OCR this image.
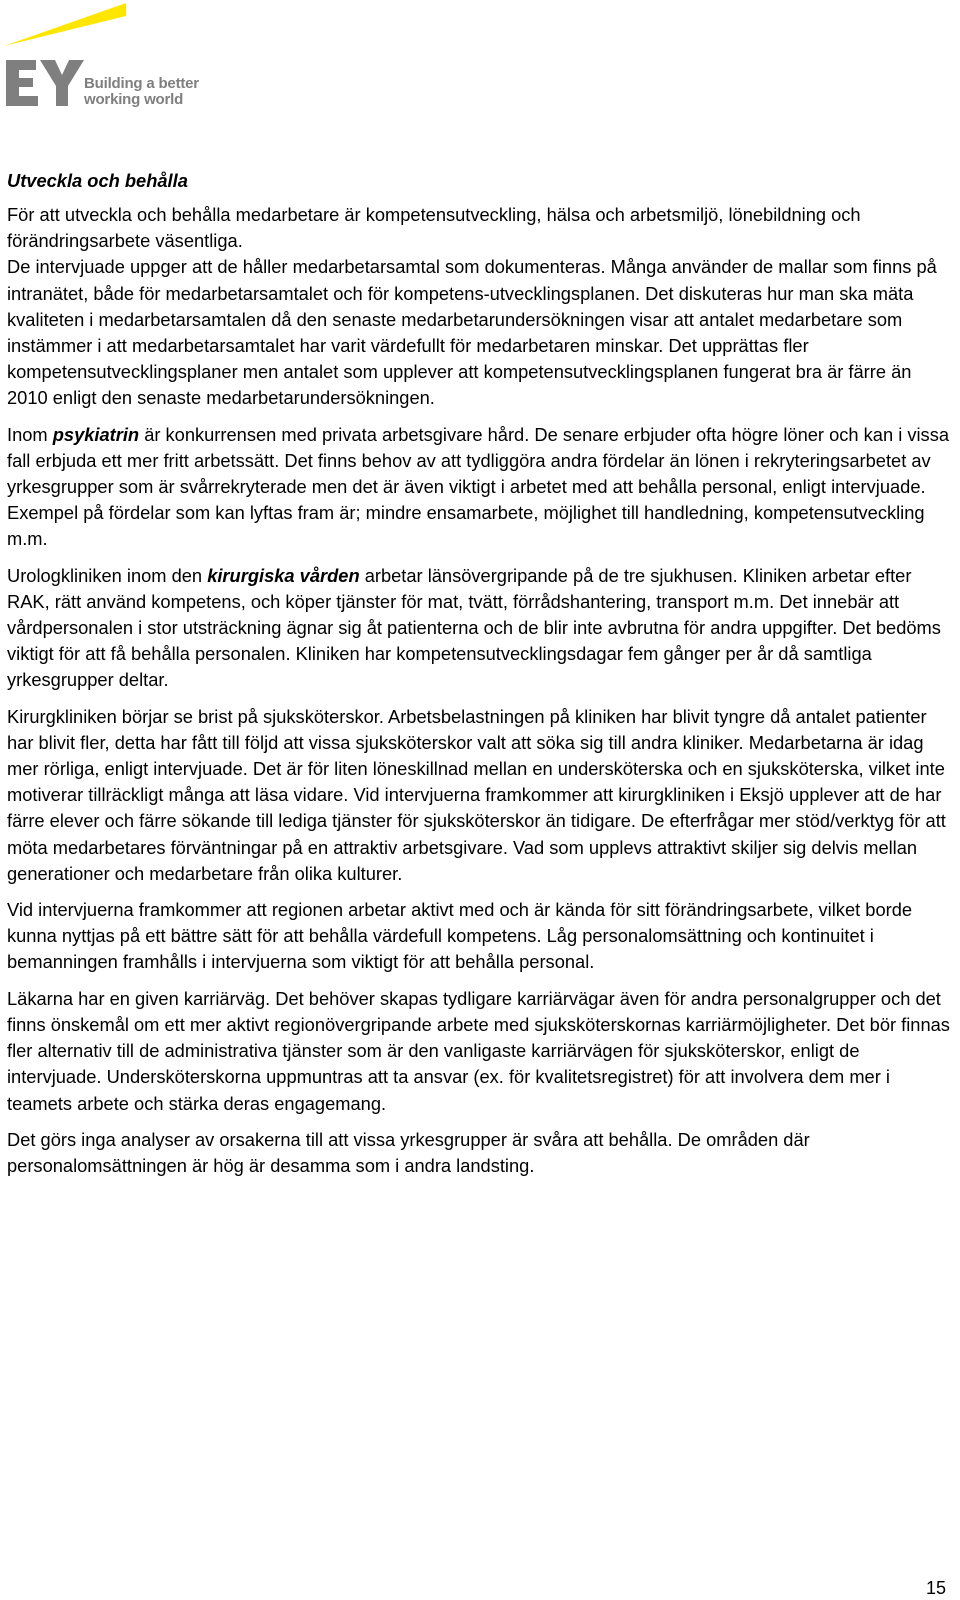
Building a better
working world
Utveckla och behålla

För att utveckla och behålla medarbetare är kompetensutveckling, hälsa och arbetsmiljö, lönebildning och förändringsarbete väsentliga.

De intervjuade uppger att de håller medarbetarsamtal som dokumenteras. Många använder de mallar som finns på intranätet, både för medarbetarsamtalet och för kompetens-utvecklingsplanen. Det diskuteras hur man ska mäta kvaliteten i medarbetarsamtalen då den senaste medarbetarundersökningen visar att antalet medarbetare som instämmer i att medarbetarsamtalet har varit värdefullt för medarbetaren minskar. Det upprättas fler kompetensutvecklingsplaner men antalet som upplever att kompetensutvecklingsplanen fungerat bra är färre än 2010 enligt den senaste medarbetarundersökningen.

Inom psykiatrin är konkurrensen med privata arbetsgivare hård. De senare erbjuder ofta högre löner och kan i vissa fall erbjuda ett mer fritt arbetssätt. Det finns behov av att tydliggöra andra fördelar än lönen i rekryteringsarbetet av yrkesgrupper som är svårrekryterade men det är även viktigt i arbetet med att behålla personal, enligt intervjuade. Exempel på fördelar som kan lyftas fram är; mindre ensamarbete, möjlighet till handledning, kompetensutveckling m.m.

Urologkliniken inom den kirurgiska vården arbetar länsövergripande på de tre sjukhusen. Kliniken arbetar efter RAK, rätt använd kompetens, och köper tjänster för mat, tvätt, förrådshantering, transport m.m. Det innebär att vårdpersonalen i stor utsträckning ägnar sig åt patienterna och de blir inte avbrutna för andra uppgifter. Det bedöms viktigt för att få behålla personalen. Kliniken har kompetensutvecklingsdagar fem gånger per år då samtliga yrkesgrupper deltar.

Kirurgkliniken börjar se brist på sjuksköterskor. Arbetsbelastningen på kliniken har blivit tyngre då antalet patienter har blivit fler, detta har fått till följd att vissa sjuksköterskor valt att söka sig till andra kliniker. Medarbetarna är idag mer rörliga, enligt intervjuade. Det är för liten löneskillnad mellan en undersköterska och en sjuksköterska, vilket inte motiverar tillräckligt många att läsa vidare. Vid intervjuerna framkommer att kirurgkliniken i Eksjö upplever att de har färre elever och färre sökande till lediga tjänster för sjuksköterskor än tidigare. De efterfrågar mer stöd/verktyg för att möta medarbetares förväntningar på en attraktiv arbetsgivare. Vad som upplevs attraktivt skiljer sig delvis mellan generationer och medarbetare från olika kulturer.

Vid intervjuerna framkommer att regionen arbetar aktivt med och är kända för sitt förändringsarbete, vilket borde kunna nyttjas på ett bättre sätt för att behålla värdefull kompetens. Låg personalomsättning och kontinuitet i bemanningen framhålls i intervjuerna som viktigt för att behålla personal.

Läkarna har en given karriärväg. Det behöver skapas tydligare karriärvägar även för andra personalgrupper och det finns önskemål om ett mer aktivt regionövergripande arbete med sjuksköterskornas karriärmöjligheter. Det bör finnas fler alternativ till de administrativa tjänster som är den vanligaste karriärvägen för sjuksköterskor, enligt de intervjuade. Undersköterskorna uppmuntras att ta ansvar (ex. för kvalitetsregistret) för att involvera dem mer i teamets arbete och stärka deras engagemang.

Det görs inga analyser av orsakerna till att vissa yrkesgrupper är svåra att behålla. De områden där personalomsättningen är hög är desamma som i andra landsting.

15
